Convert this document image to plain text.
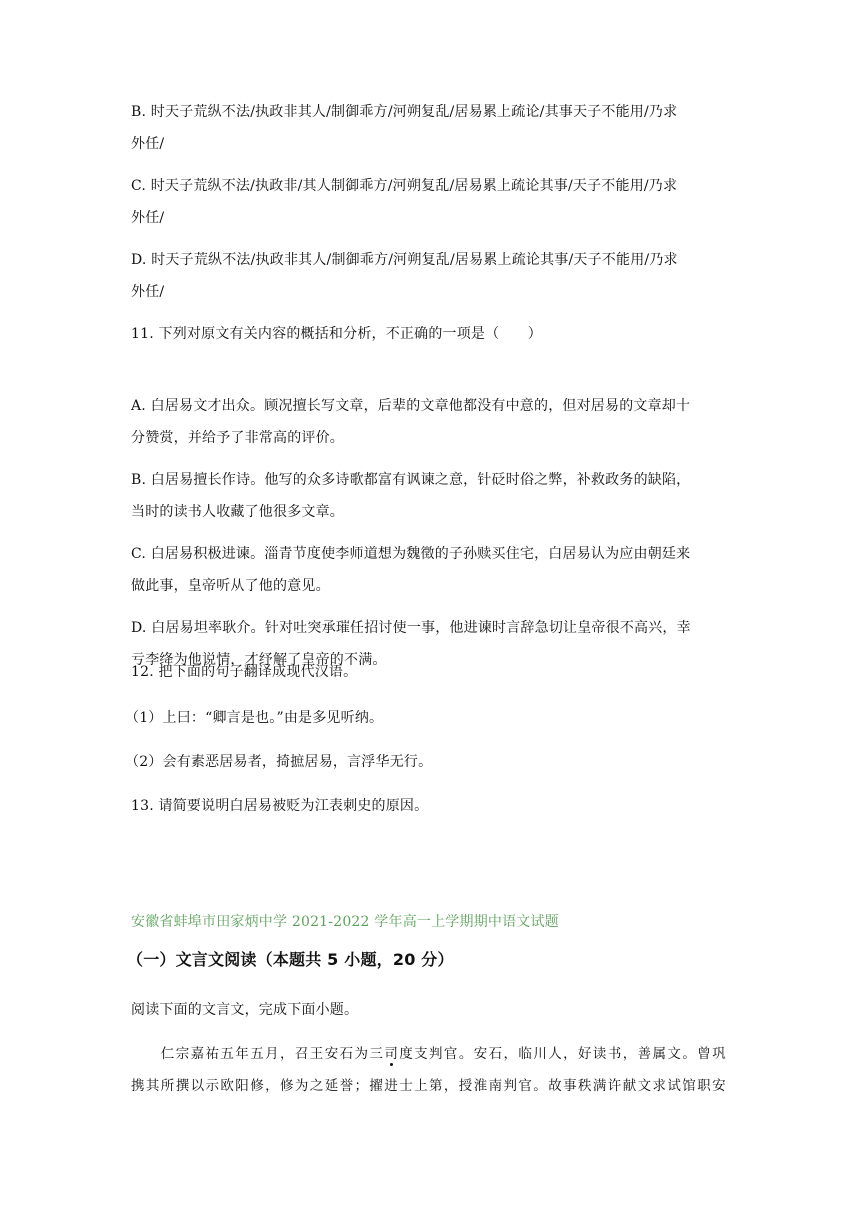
B. 时天子荒纵不法/执政非其人/制御乖方/河朔复乱/居易累上疏论/其事天子不能用/乃求
外任/
C. 时天子荒纵不法/执政非/其人制御乖方/河朔复乱/居易累上疏论其事/天子不能用/乃求
外任/
D. 时天子荒纵不法/执政非其人/制御乖方/河朔复乱/居易累上疏论其事/天子不能用/乃求
外任/
11. 下列对原文有关内容的概括和分析，不正确的一项是（　　）
A. 白居易文才出众。顾况擅长写文章，后辈的文章他都没有中意的，但对居易的文章却十
分赞赏，并给予了非常高的评价。
B. 白居易擅长作诗。他写的众多诗歌都富有讽谏之意，针砭时俗之弊，补救政务的缺陷，
当时的读书人收藏了他很多文章。
C. 白居易积极进谏。淄青节度使李师道想为魏徵的子孙赎买住宅，白居易认为应由朝廷来
做此事，皇帝听从了他的意见。
D. 白居易坦率耿介。针对吐突承璀任招讨使一事，他进谏时言辞急切让皇帝很不高兴，幸
亏李绛为他说情，才纾解了皇帝的不满。
12. 把下面的句子翻译成现代汉语。
（1）上曰：“卿言是也。”由是多见听纳。
（2）会有素恶居易者，掎摭居易，言浮华无行。
13. 请简要说明白居易被贬为江表刺史的原因。
安徽省蚌埠市田家炳中学 2021-2022 学年高一上学期期中语文试题
（一）文言文阅读（本题共 5 小题，20 分）
阅读下面的文言文，完成下面小题。
　　仁宗嘉祐五年五月，召王安石为三司度支判官。安石，临川人，好读书，善属文。曾巩
携其所撰以示欧阳修，修为之延誉；擢进士上第，授淮南判官。故事秩满许献文求试馆职安
